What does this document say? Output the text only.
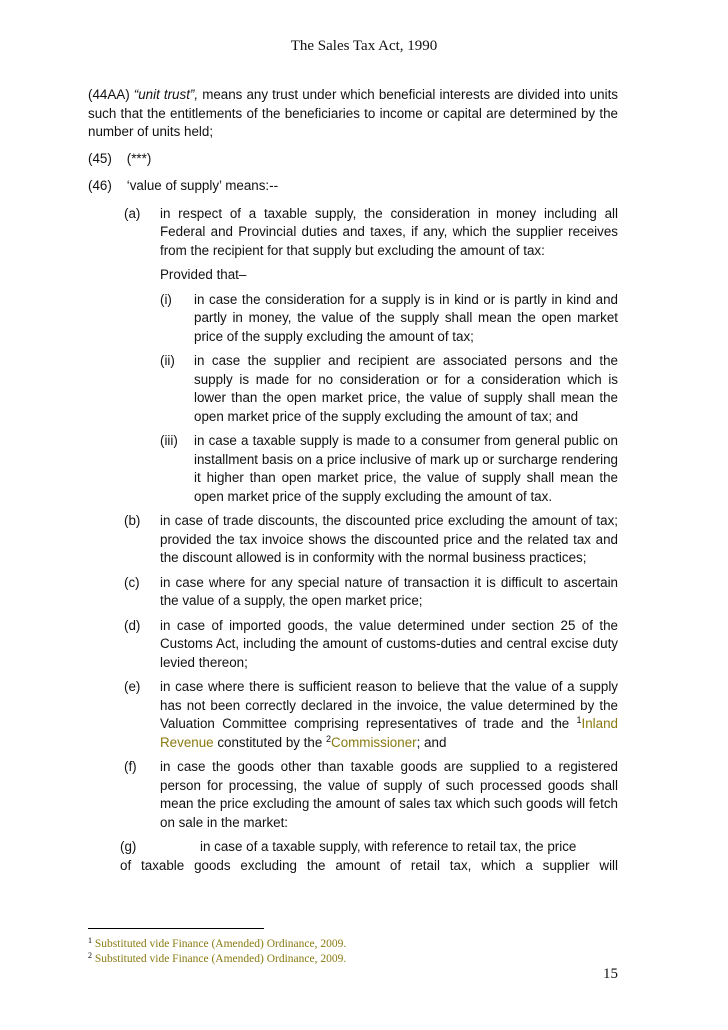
The Sales Tax Act, 1990

(44AA) “unit trust”, means any trust under which beneficial interests are divided into units such that the entitlements of the beneficiaries to income or capital are determined by the number of units held;

(45) (***)

(46) ‘value of supply’ means:--

(a)	in respect of a taxable supply, the consideration in money including all Federal and Provincial duties and taxes, if any, which the supplier receives from the recipient for that supply but excluding the amount of tax:
Provided that–
(i)	in case the consideration for a supply is in kind or is partly in kind and partly in money, the value of the supply shall mean the open market price of the supply excluding the amount of tax;
(ii)	in case the supplier and recipient are associated persons and the supply is made for no consideration or for a consideration which is lower than the open market price, the value of supply shall mean the open market price of the supply excluding the amount of tax; and
(iii)	in case a taxable supply is made to a consumer from general public on installment basis on a price inclusive of mark up or surcharge rendering it higher than open market price, the value of supply shall mean the open market price of the supply excluding the amount of tax.
(b)	in case of trade discounts, the discounted price excluding the amount of tax; provided the tax invoice shows the discounted price and the related tax and the discount allowed is in conformity with the normal business practices;
(c)	in case where for any special nature of transaction it is difficult to ascertain the value of a supply, the open market price;
(d)	in case of imported goods, the value determined under section 25 of the Customs Act, including the amount of customs-duties and central excise duty levied thereon;
(e)	in case where there is sufficient reason to believe that the value of a supply has not been correctly declared in the invoice, the value determined by the Valuation Committee comprising representatives of trade and the $^1$Inland Revenue constituted by the $^2$Commissioner; and
(f)	in case the goods other than taxable goods are supplied to a registered person for processing, the value of supply of such processed goods shall mean the price excluding the amount of sales tax which such goods will fetch on sale in the market:
(g)	in case of a taxable supply, with reference to retail tax, the price
of taxable goods excluding the amount of retail tax, which a supplier will
$^1$ Substituted vide Finance (Amended) Ordinance, 2009.
$^2$ Substituted vide Finance (Amended) Ordinance, 2009.
15
